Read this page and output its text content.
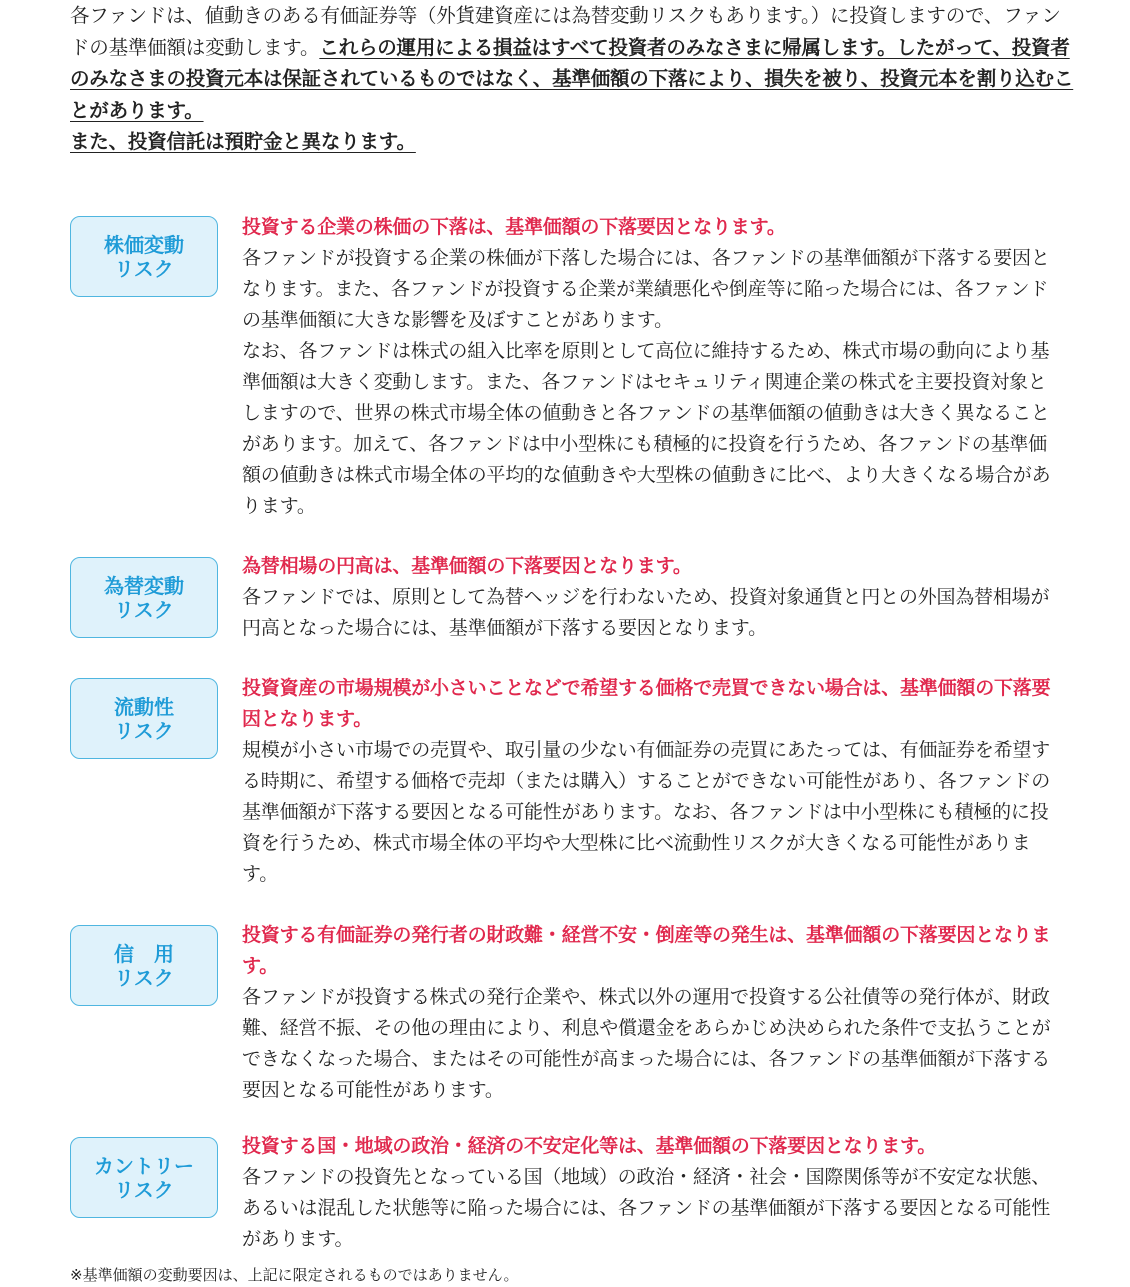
各ファンドは、値動きのある有価証券等（外貨建資産には為替変動リスクもあります。）に投資しますので、ファンドの基準価額は変動します。これらの運用による損益はすべて投資者のみなさまに帰属します。したがって、投資者のみなさまの投資元本は保証されているものではなく、基準価額の下落により、損失を被り、投資元本を割り込むことがあります。

また、投資信託は預貯金と異なります。

株価変動
リスク

投資する企業の株価の下落は、基準価額の下落要因となります。

各ファンドが投資する企業の株価が下落した場合には、各ファンドの基準価額が下落する要因となります。また、各ファンドが投資する企業が業績悪化や倒産等に陥った場合には、各ファンドの基準価額に大きな影響を及ぼすことがあります。

なお、各ファンドは株式の組入比率を原則として高位に維持するため、株式市場の動向により基準価額は大きく変動します。また、各ファンドはセキュリティ関連企業の株式を主要投資対象としますので、世界の株式市場全体の値動きと各ファンドの基準価額の値動きは大きく異なることがあります。加えて、各ファンドは中小型株にも積極的に投資を行うため、各ファンドの基準価額の値動きは株式市場全体の平均的な値動きや大型株の値動きに比べ、より大きくなる場合があります。

為替変動
リスク

為替相場の円高は、基準価額の下落要因となります。

各ファンドでは、原則として為替ヘッジを行わないため、投資対象通貨と円との外国為替相場が円高となった場合には、基準価額が下落する要因となります。

流動性
リスク

投資資産の市場規模が小さいことなどで希望する価格で売買できない場合は、基準価額の下落要因となります。

規模が小さい市場での売買や、取引量の少ない有価証券の売買にあたっては、有価証券を希望する時期に、希望する価格で売却（または購入）することができない可能性があり、各ファンドの基準価額が下落する要因となる可能性があります。なお、各ファンドは中小型株にも積極的に投資を行うため、株式市場全体の平均や大型株に比べ流動性リスクが大きくなる可能性があります。

信　用
リスク

投資する有価証券の発行者の財政難・経営不安・倒産等の発生は、基準価額の下落要因となります。

各ファンドが投資する株式の発行企業や、株式以外の運用で投資する公社債等の発行体が、財政難、経営不振、その他の理由により、利息や償還金をあらかじめ決められた条件で支払うことができなくなった場合、またはその可能性が高まった場合には、各ファンドの基準価額が下落する要因となる可能性があります。

カントリー
リスク

投資する国・地域の政治・経済の不安定化等は、基準価額の下落要因となります。

各ファンドの投資先となっている国（地域）の政治・経済・社会・国際関係等が不安定な状態、あるいは混乱した状態等に陥った場合には、各ファンドの基準価額が下落する要因となる可能性があります。

※基準価額の変動要因は、上記に限定されるものではありません。
